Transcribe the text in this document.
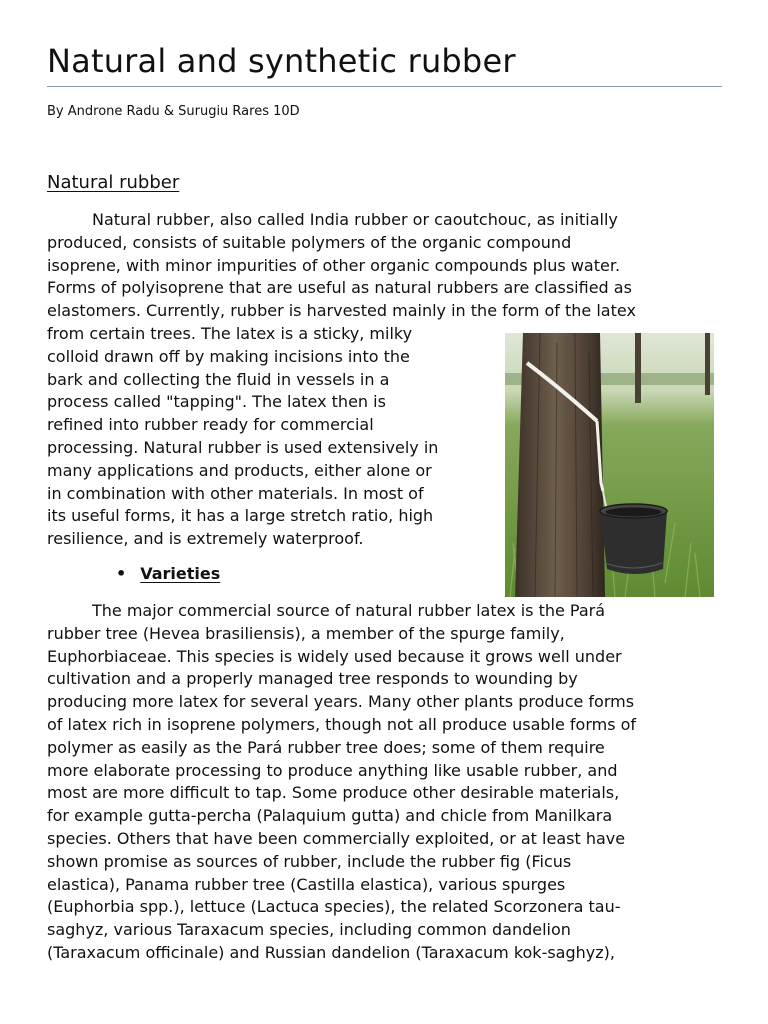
Natural and synthetic rubber

By Androne Radu & Surugiu Rares 10D

Natural rubber
Natural rubber, also called India rubber or caoutchouc, as initially
produced, consists of suitable polymers of the organic compound
isoprene, with minor impurities of other organic compounds plus water.
Forms of polyisoprene that are useful as natural rubbers are classified as
elastomers. Currently, rubber is harvested mainly in the form of the latex
from certain trees. The latex is a sticky, milky
colloid drawn off by making incisions into the
bark and collecting the fluid in vessels in a
process called "tapping". The latex then is
refined into rubber ready for commercial
processing. Natural rubber is used extensively in
many applications and products, either alone or
in combination with other materials. In most of
its useful forms, it has a large stretch ratio, high
resilience, and is extremely waterproof.
• Varieties
The major commercial source of natural rubber latex is the Pará
rubber tree (Hevea brasiliensis), a member of the spurge family,
Euphorbiaceae. This species is widely used because it grows well under
cultivation and a properly managed tree responds to wounding by
producing more latex for several years. Many other plants produce forms
of latex rich in isoprene polymers, though not all produce usable forms of
polymer as easily as the Pará rubber tree does; some of them require
more elaborate processing to produce anything like usable rubber, and
most are more difficult to tap. Some produce other desirable materials,
for example gutta-percha (Palaquium gutta) and chicle from Manilkara
species. Others that have been commercially exploited, or at least have
shown promise as sources of rubber, include the rubber fig (Ficus
elastica), Panama rubber tree (Castilla elastica), various spurges
(Euphorbia spp.), lettuce (Lactuca species), the related Scorzonera tau-
saghyz, various Taraxacum species, including common dandelion
(Taraxacum officinale) and Russian dandelion (Taraxacum kok-saghyz),
